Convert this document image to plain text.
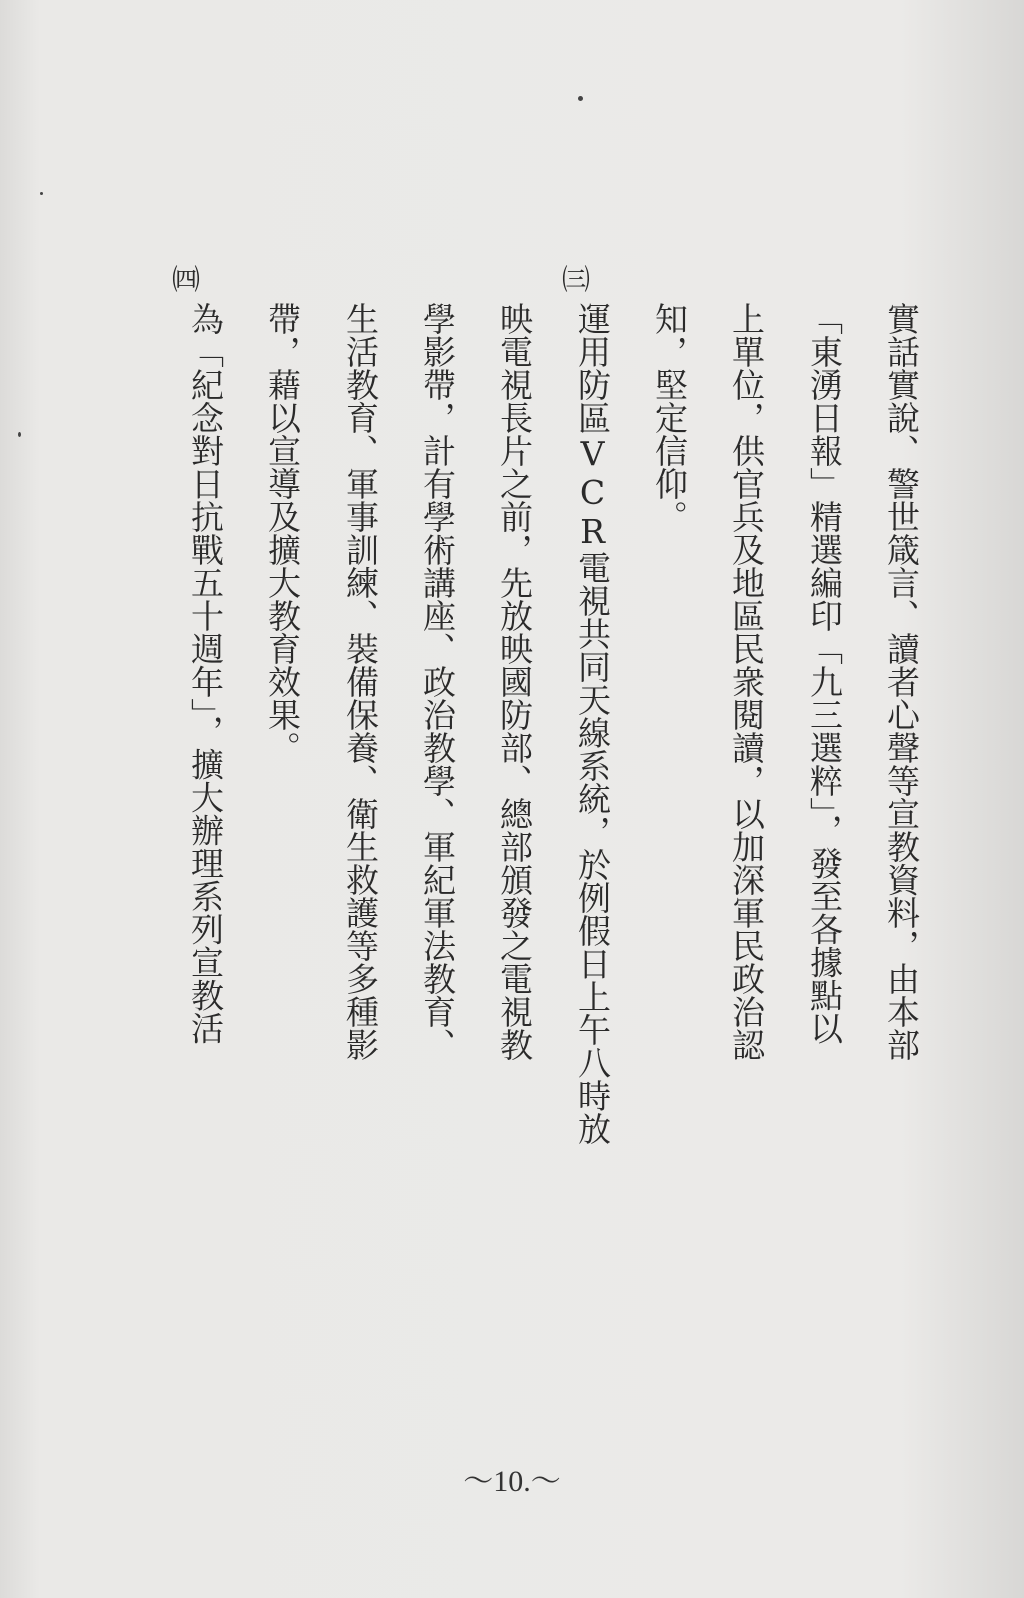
實話實說、警世箴言、讀者心聲等宣教資料，由本部
「東湧日報」精選編印「九三選粹」，發至各據點以
上單位，供官兵及地區民衆閱讀，以加深軍民政治認
知，堅定信仰。
㈢
運用防區VCR電視共同天線系統，於例假日上午八時放
映電視長片之前，先放映國防部、總部頒發之電視教
學影帶，計有學術講座、政治教學、軍紀軍法教育、
生活教育、軍事訓練、裝備保養、衛生救護等多種影
帶，藉以宣導及擴大教育效果。
㈣
為「紀念對日抗戰五十週年」，擴大辦理系列宣教活
～10.～
